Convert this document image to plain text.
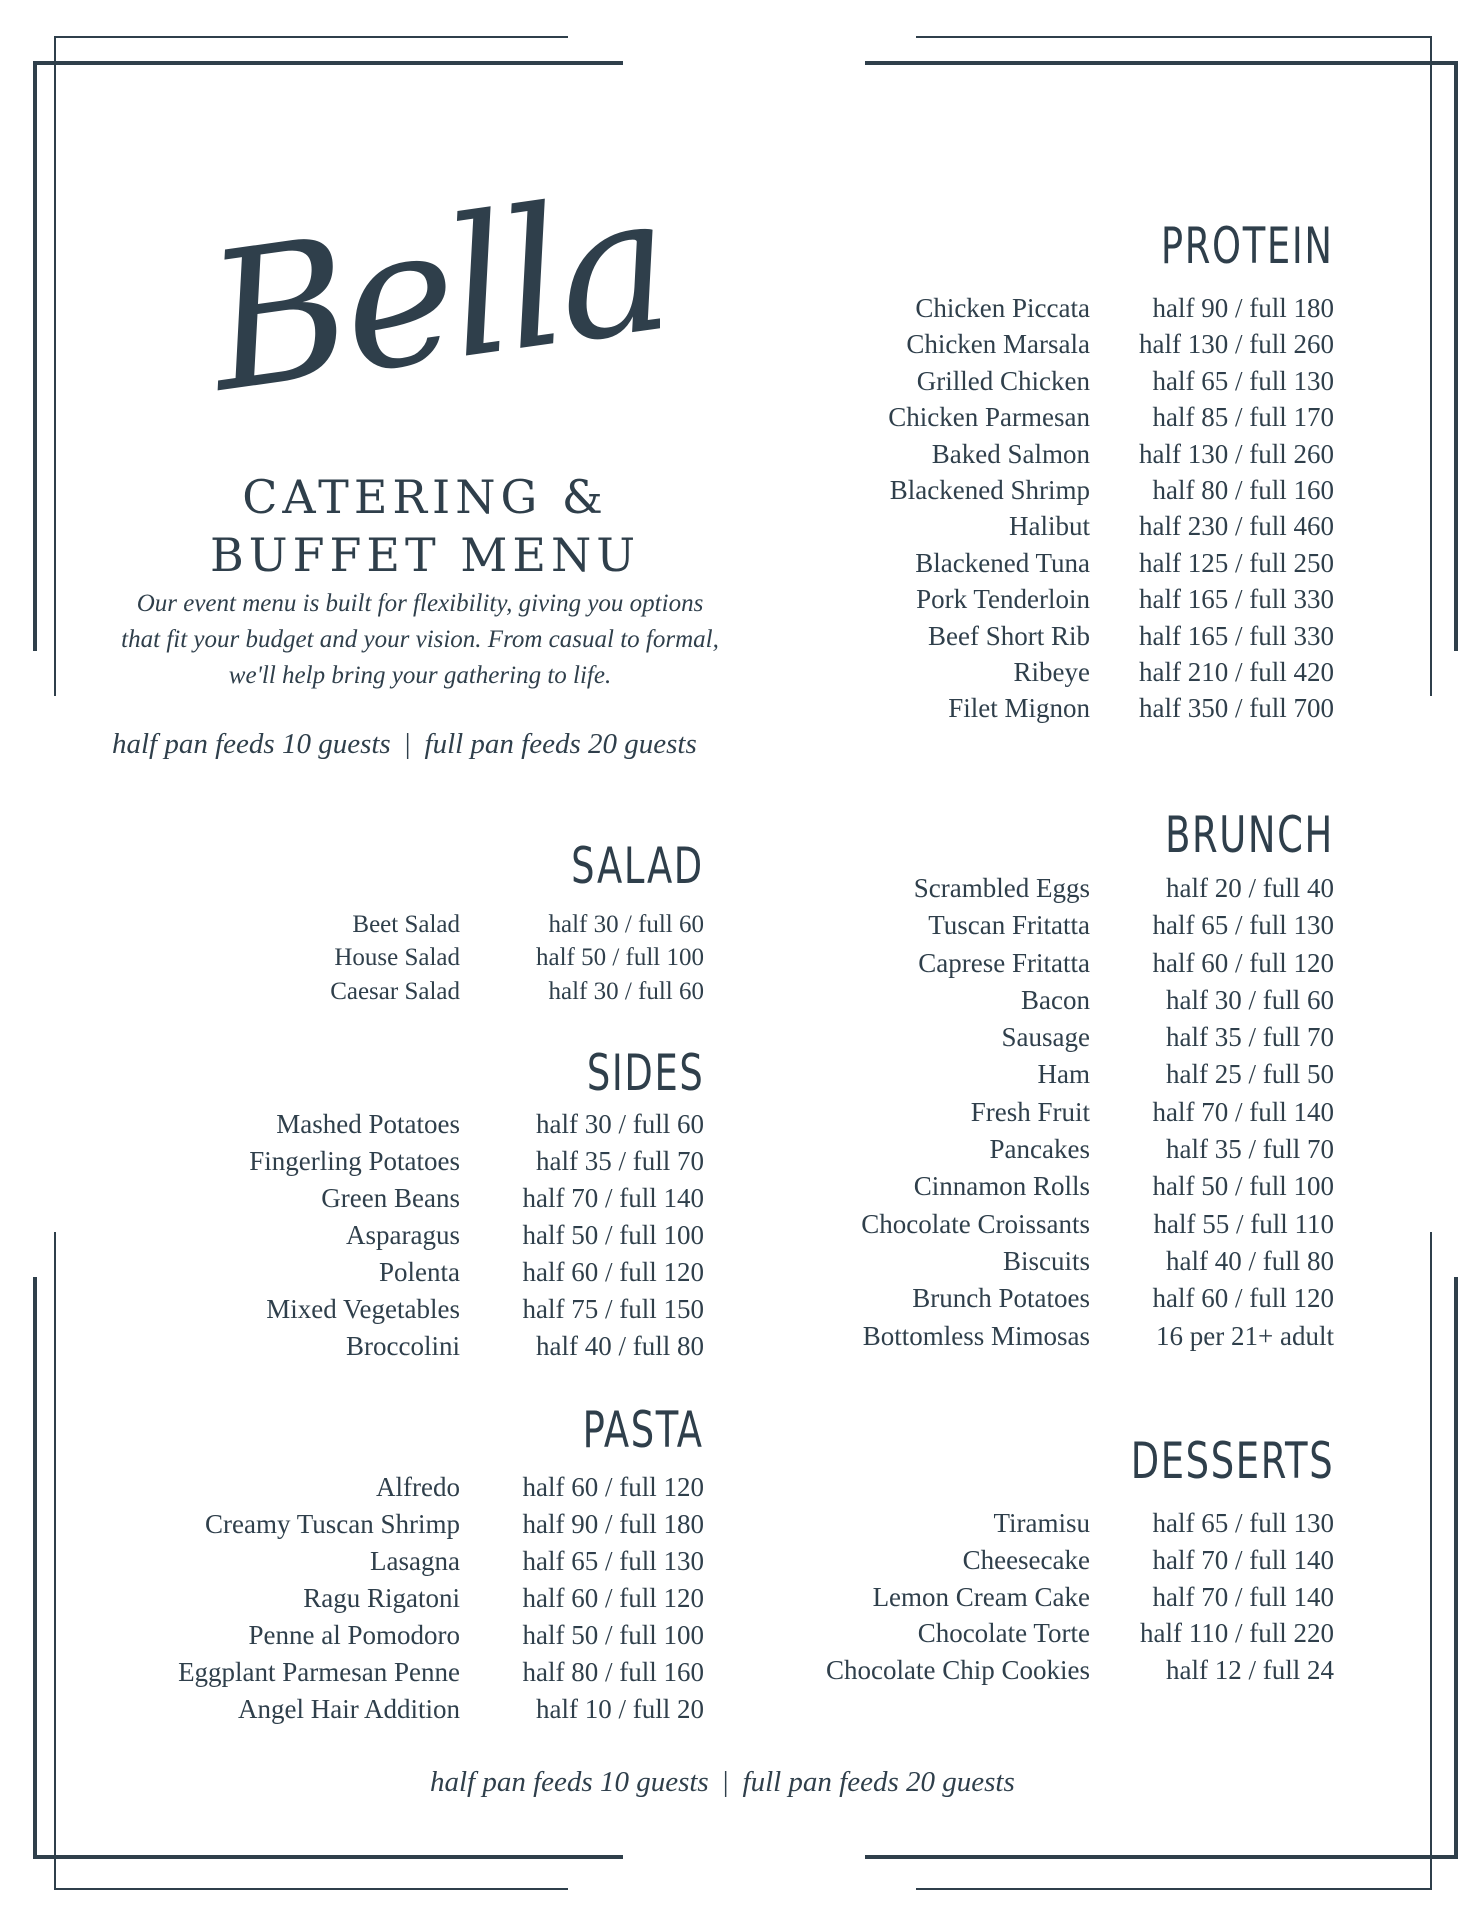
Bella
CATERING &
BUFFET MENU
Our event menu is built for flexibility, giving you options
that fit your budget and your vision. From casual to formal,
we'll help bring your gathering to life.
half pan feeds 10 guests | full pan feeds 20 guests
half pan feeds 10 guests | full pan feeds 20 guests
PROTEIN
SALAD
SIDES
PASTA
BRUNCH
DESSERTS
Chicken Piccata	half 90 / full 180
Chicken Marsala	half 130 / full 260
Grilled Chicken	half 65 / full 130
Chicken Parmesan	half 85 / full 170
Baked Salmon	half 130 / full 260
Blackened Shrimp	half 80 / full 160
Halibut	half 230 / full 460
Blackened Tuna	half 125 / full 250
Pork Tenderloin	half 165 / full 330
Beef Short Rib	half 165 / full 330
Ribeye	half 210 / full 420
Filet Mignon	half 350 / full 700
Beet Salad	half 30 / full 60
House Salad	half 50 / full 100
Caesar Salad	half 30 / full 60
Mashed Potatoes	half 30 / full 60
Fingerling Potatoes	half 35 / full 70
Green Beans	half 70 / full 140
Asparagus	half 50 / full 100
Polenta	half 60 / full 120
Mixed Vegetables	half 75 / full 150
Broccolini	half 40 / full 80
Alfredo	half 60 / full 120
Creamy Tuscan Shrimp	half 90 / full 180
Lasagna	half 65 / full 130
Ragu Rigatoni	half 60 / full 120
Penne al Pomodoro	half 50 / full 100
Eggplant Parmesan Penne	half 80 / full 160
Angel Hair Addition	half 10 / full 20
Scrambled Eggs	half 20 / full 40
Tuscan Fritatta	half 65 / full 130
Caprese Fritatta	half 60 / full 120
Bacon	half 30 / full 60
Sausage	half 35 / full 70
Ham	half 25 / full 50
Fresh Fruit	half 70 / full 140
Pancakes	half 35 / full 70
Cinnamon Rolls	half 50 / full 100
Chocolate Croissants	half 55 / full 110
Biscuits	half 40 / full 80
Brunch Potatoes	half 60 / full 120
Bottomless Mimosas	16 per 21+ adult
Tiramisu	half 65 / full 130
Cheesecake	half 70 / full 140
Lemon Cream Cake	half 70 / full 140
Chocolate Torte	half 110 / full 220
Chocolate Chip Cookies	half 12 / full 24
